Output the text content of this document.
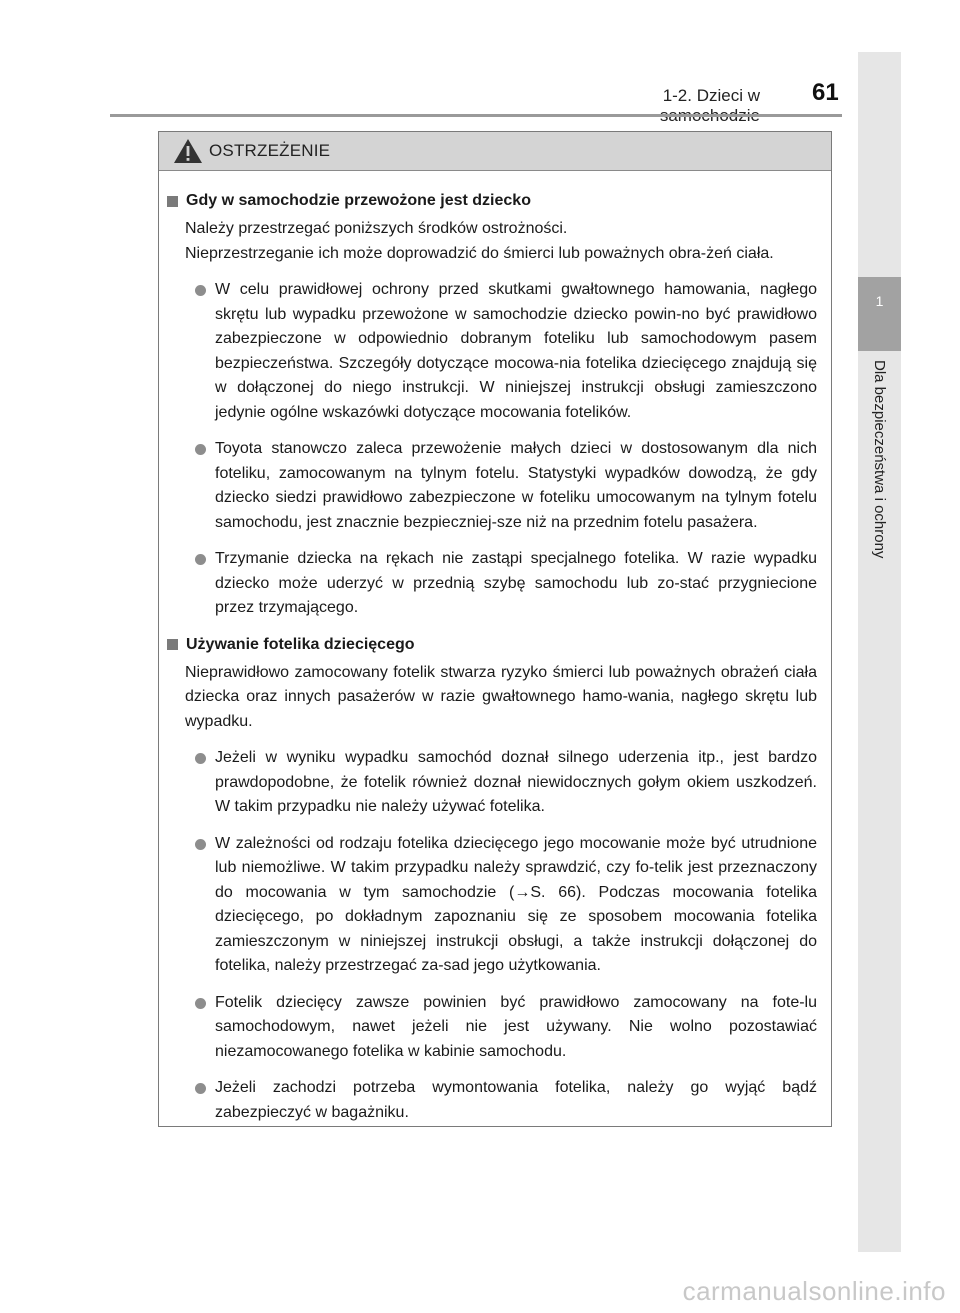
1-2. Dzieci w 61
1
Dla bezpieczeństwa i ochrony
OSTRZEŻENIE
Gdy w samochodzie przewożone jest dziecko
Należy przestrzegać poniższych środków ostrożności.
Nieprzestrzeganie ich może doprowadzić do śmierci lub poważnych obra-żeń ciała.
W celu prawidłowej ochrony przed skutkami gwałtownego hamowania, nagłego skrętu lub wypadku przewożone w samochodzie dziecko powin-no być prawidłowo zabezpieczone w odpowiednio dobranym foteliku lub samochodowym pasem bezpieczeństwa. Szczegóły dotyczące mocowa-nia fotelika dziecięcego znajdują się w dołączonej do niego instrukcji. W niniejszej instrukcji obsługi zamieszczono jedynie ogólne wskazówki dotyczące mocowania fotelików.
Toyota stanowczo zaleca przewożenie małych dzieci w dostosowanym dla nich foteliku, zamocowanym na tylnym fotelu. Statystyki wypadków dowodzą, że gdy dziecko siedzi prawidłowo zabezpieczone w foteliku umocowanym na tylnym fotelu samochodu, jest znacznie bezpieczniej-sze niż na przednim fotelu pasażera.
Trzymanie dziecka na rękach nie zastąpi specjalnego fotelika. W razie wypadku dziecko może uderzyć w przednią szybę samochodu lub zo-stać przygniecione przez trzymającego.
Używanie fotelika dziecięcego
Nieprawidłowo zamocowany fotelik stwarza ryzyko śmierci lub poważnych obrażeń ciała dziecka oraz innych pasażerów w razie gwałtownego hamo-wania, nagłego skrętu lub wypadku.
Jeżeli w wyniku wypadku samochód doznał silnego uderzenia itp., jest bardzo prawdopodobne, że fotelik również doznał niewidocznych gołym okiem uszkodzeń. W takim przypadku nie należy używać fotelika.
W zależności od rodzaju fotelika dziecięcego jego mocowanie może być utrudnione lub niemożliwe. W takim przypadku należy sprawdzić, czy fo-telik jest przeznaczony do mocowania w tym samochodzie (→S. 66). Podczas mocowania fotelika dziecięcego, po dokładnym zapoznaniu się ze sposobem mocowania fotelika zamieszczonym w niniejszej instrukcji obsługi, a także instrukcji dołączonej do fotelika, należy przestrzegać za-sad jego użytkowania.
Fotelik dziecięcy zawsze powinien być prawidłowo zamocowany na fote-lu samochodowym, nawet jeżeli nie jest używany. Nie wolno pozostawiać niezamocowanego fotelika w kabinie samochodu.
Jeżeli zachodzi potrzeba wymontowania fotelika, należy go wyjąć bądź zabezpieczyć w bagażniku.
carmanualsonline.info
